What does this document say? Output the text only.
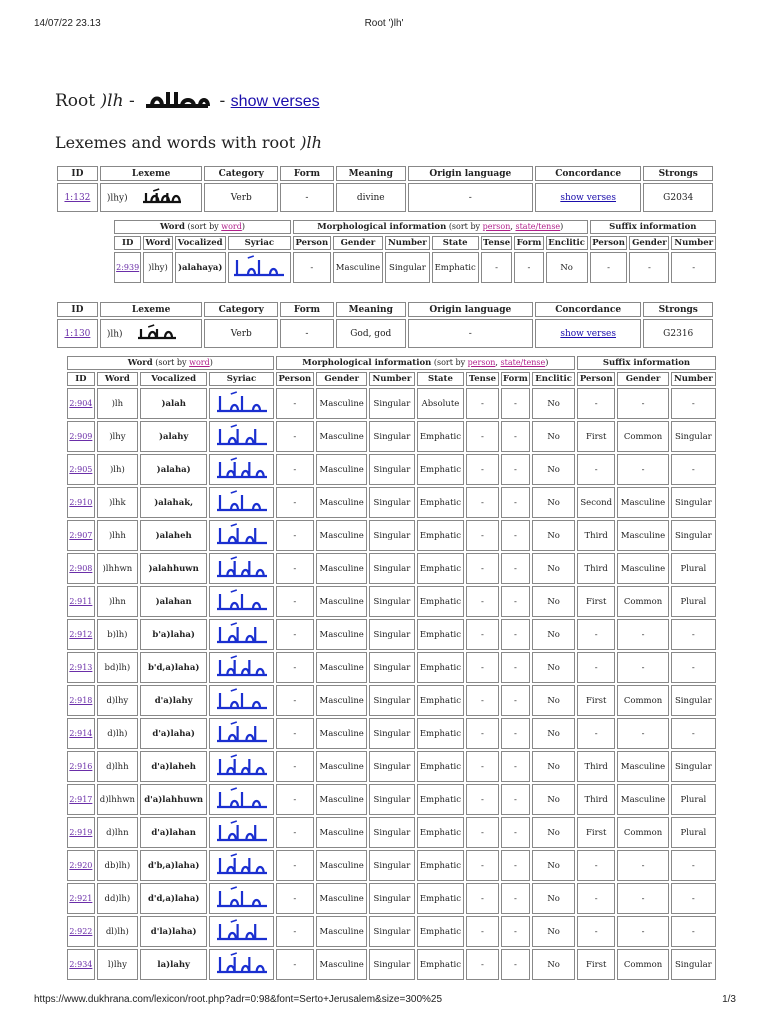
14/07/22 23.13	Root ')lh'
Root )lh -	- show verses
Lexemes and words with root )lh
ID	Lexeme	Category	Form	Meaning	Origin language	Concordance	Strongs
1:132	)lhy)	Verb	-	divine	-	show verses	G2034
Word (sort by word)				Morphological information (sort by person, state/tense)							Suffix information		
ID	Word	Vocalized	Syriac	Person	Gender	Number	State	Tense	Form	Enclitic	Person	Gender	Number
2:939	)lhy)	)alahaya)		-	Masculine	Singular	Emphatic	-	-	No	-	-	-
ID	Lexeme	Category	Form	Meaning	Origin language	Concordance	Strongs
1:130	)lh)	Verb	-	God, god	-	show verses	G2316
Word (sort by word)				Morphological information (sort by person, state/tense)							Suffix information		
ID	Word	Vocalized	Syriac	Person	Gender	Number	State	Tense	Form	Enclitic	Person	Gender	Number
2:904	)lh	)alah		-	Masculine	Singular	Absolute	-	-	No	-	-	-
2:909	)lhy	)alahy		-	Masculine	Singular	Emphatic	-	-	No	First	Common	Singular
2:905	)lh)	)alaha)		-	Masculine	Singular	Emphatic	-	-	No	-	-	-
2:910	)lhk	)alahak,		-	Masculine	Singular	Emphatic	-	-	No	Second	Masculine	Singular
2:907	)lhh	)alaheh		-	Masculine	Singular	Emphatic	-	-	No	Third	Masculine	Singular
2:908	)lhhwn	)alahhuwn		-	Masculine	Singular	Emphatic	-	-	No	Third	Masculine	Plural
2:911	)lhn	)alahan		-	Masculine	Singular	Emphatic	-	-	No	First	Common	Plural
2:912	b)lh)	b'a)laha)		-	Masculine	Singular	Emphatic	-	-	No	-	-	-
2:913	bd)lh)	b'd,a)laha)		-	Masculine	Singular	Emphatic	-	-	No	-	-	-
2:918	d)lhy	d'a)lahy		-	Masculine	Singular	Emphatic	-	-	No	First	Common	Singular
2:914	d)lh)	d'a)laha)		-	Masculine	Singular	Emphatic	-	-	No	-	-	-
2:916	d)lhh	d'a)laheh		-	Masculine	Singular	Emphatic	-	-	No	Third	Masculine	Singular
2:917	d)lhhwn	d'a)lahhuwn		-	Masculine	Singular	Emphatic	-	-	No	Third	Masculine	Plural
2:919	d)lhn	d'a)lahan		-	Masculine	Singular	Emphatic	-	-	No	First	Common	Plural
2:920	db)lh)	d'b,a)laha)		-	Masculine	Singular	Emphatic	-	-	No	-	-	-
2:921	dd)lh)	d'd,a)laha)		-	Masculine	Singular	Emphatic	-	-	No	-	-	-
2:922	dl)lh)	d'la)laha)		-	Masculine	Singular	Emphatic	-	-	No	-	-	-
2:934	l)lhy	la)lahy		-	Masculine	Singular	Emphatic	-	-	No	First	Common	Singular
https://www.dukhrana.com/lexicon/root.php?adr=0:98&font=Serto+Jerusalem&size=300%25	1/3
